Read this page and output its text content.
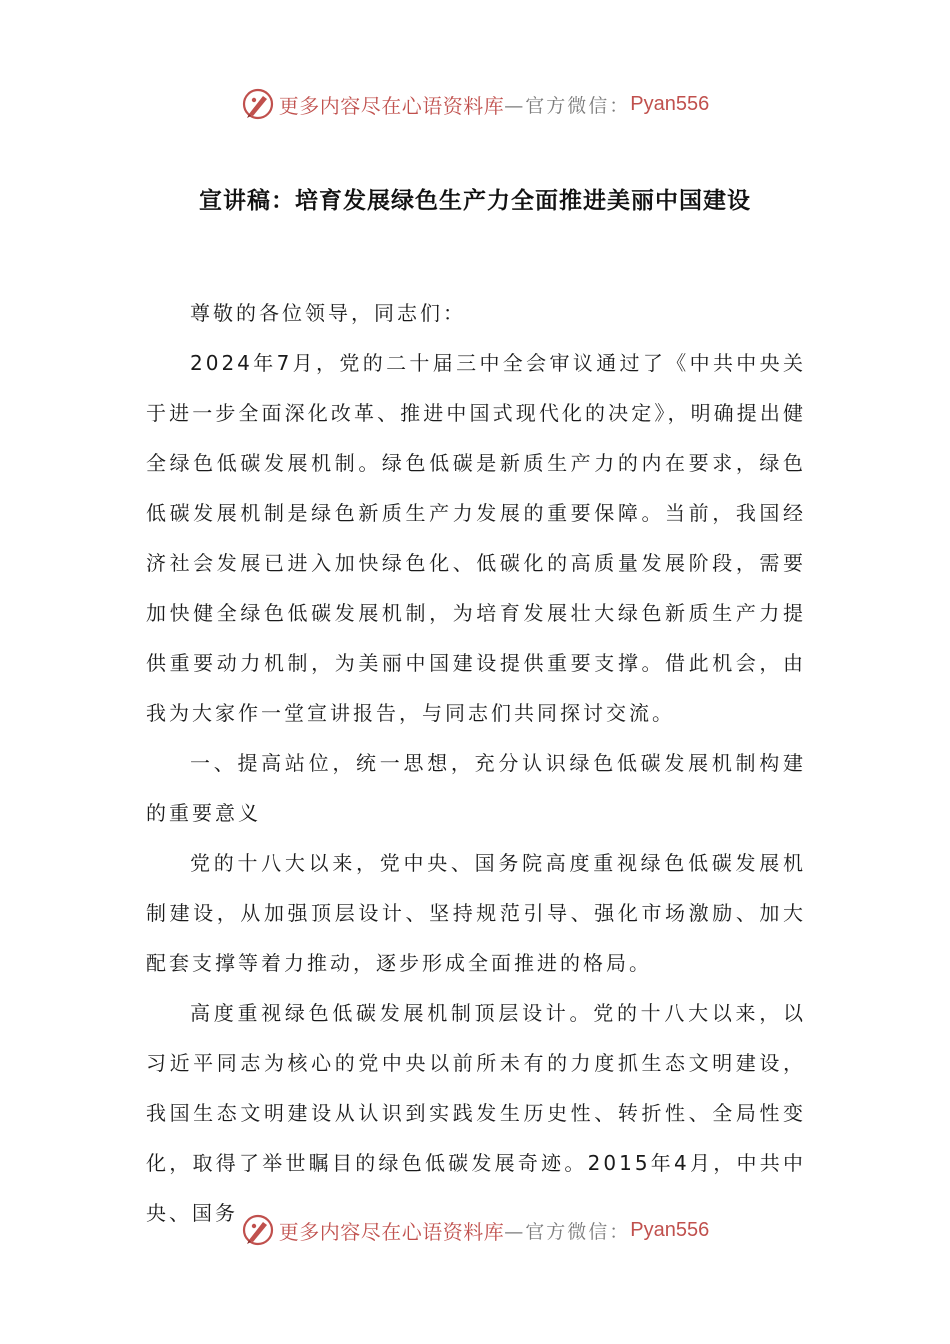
更多内容尽在心语资料库 —官方微信： Pyan556
宣讲稿：培育发展绿色生产力全面推进美丽中国建设

尊敬的各位领导，同志们：

2024年7月，党的二十届三中全会审议通过了《中共中央关于进一步全面深化改革、推进中国式现代化的决定》，明确提出健全绿色低碳发展机制。绿色低碳是新质生产力的内在要求，绿色低碳发展机制是绿色新质生产力发展的重要保障。当前，我国经济社会发展已进入加快绿色化、低碳化的高质量发展阶段，需要加快健全绿色低碳发展机制，为培育发展壮大绿色新质生产力提供重要动力机制，为美丽中国建设提供重要支撑。借此机会，由我为大家作一堂宣讲报告，与同志们共同探讨交流。

一、提高站位，统一思想，充分认识绿色低碳发展机制构建的重要意义

党的十八大以来，党中央、国务院高度重视绿色低碳发展机制建设，从加强顶层设计、坚持规范引导、强化市场激励、加大配套支撑等着力推动，逐步形成全面推进的格局。

高度重视绿色低碳发展机制顶层设计。党的十八大以来，以习近平同志为核心的党中央以前所未有的力度抓生态文明建设，我国生态文明建设从认识到实践发生历史性、转折性、全局性变化，取得了举世瞩目的绿色低碳发展奇迹。2015年4月，中共中央、国务

更多内容尽在心语资料库 —官方微信： Pyan556
